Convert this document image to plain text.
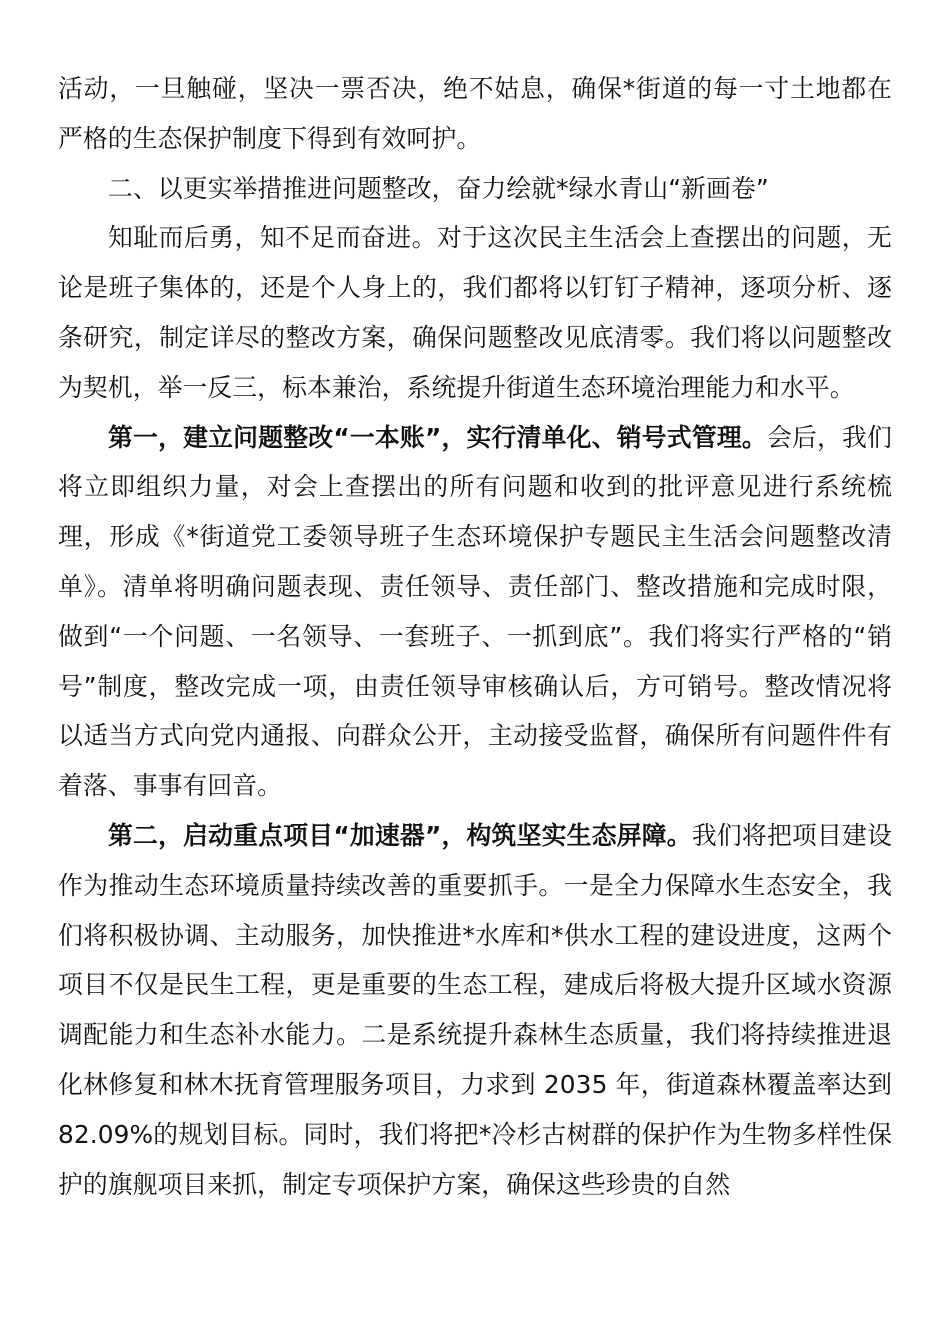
活动，一旦触碰，坚决一票否决，绝不姑息，确保*街道的每一寸土地都在严格的生态保护制度下得到有效呵护。

二、以更实举措推进问题整改，奋力绘就*绿水青山“新画卷”

知耻而后勇，知不足而奋进。对于这次民主生活会上查摆出的问题，无论是班子集体的，还是个人身上的，我们都将以钉钉子精神，逐项分析、逐条研究，制定详尽的整改方案，确保问题整改见底清零。我们将以问题整改为契机，举一反三，标本兼治，系统提升街道生态环境治理能力和水平。

第一，建立问题整改“一本账”，实行清单化、销号式管理。会后，我们将立即组织力量，对会上查摆出的所有问题和收到的批评意见进行系统梳理，形成《*街道党工委领导班子生态环境保护专题民主生活会问题整改清单》。清单将明确问题表现、责任领导、责任部门、整改措施和完成时限，做到“一个问题、一名领导、一套班子、一抓到底”。我们将实行严格的“销号”制度，整改完成一项，由责任领导审核确认后，方可销号。整改情况将以适当方式向党内通报、向群众公开，主动接受监督，确保所有问题件件有着落、事事有回音。

第二，启动重点项目“加速器”，构筑坚实生态屏障。我们将把项目建设作为推动生态环境质量持续改善的重要抓手。一是全力保障水生态安全，我们将积极协调、主动服务，加快推进*水库和*供水工程的建设进度，这两个项目不仅是民生工程，更是重要的生态工程，建成后将极大提升区域水资源调配能力和生态补水能力。二是系统提升森林生态质量，我们将持续推进退化林修复和林木抚育管理服务项目，力求到 2035 年，街道森林覆盖率达到 82.09%的规划目标。同时，我们将把*冷杉古树群的保护作为生物多样性保护的旗舰项目来抓，制定专项保护方案，确保这些珍贵的自然
